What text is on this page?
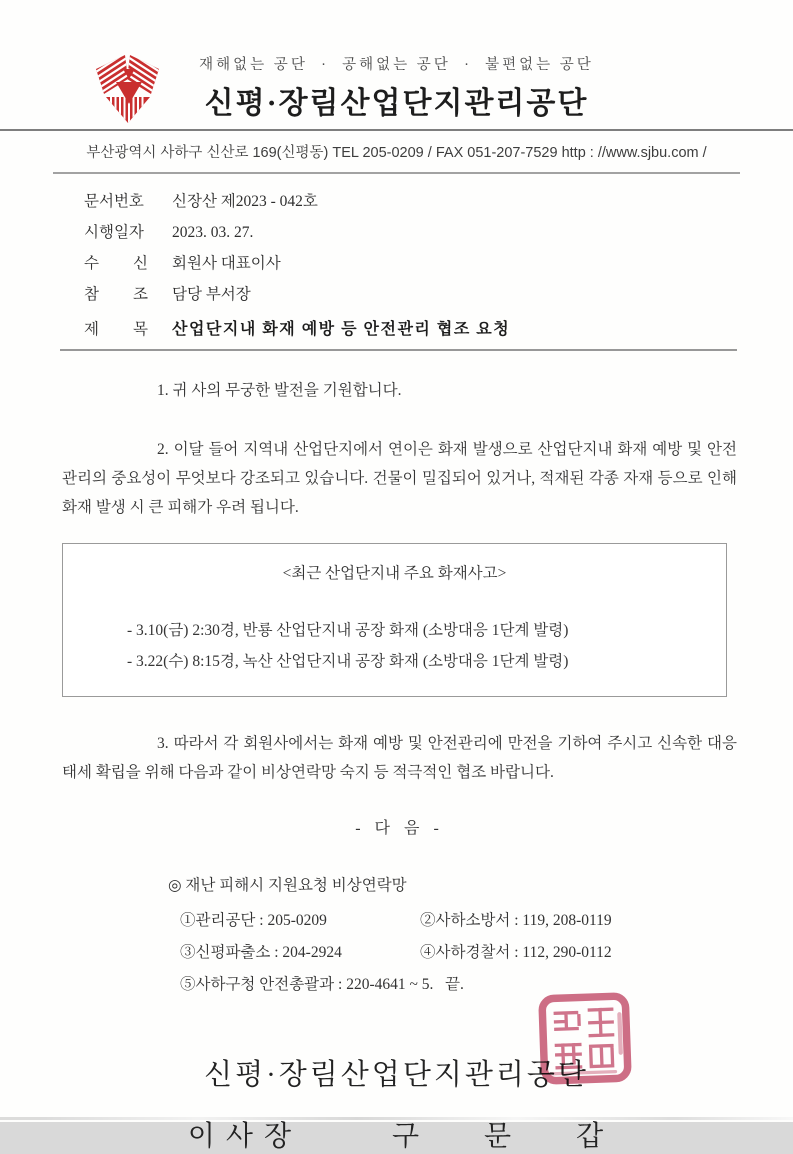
재해없는 공단  ·  공해없는 공단  ·  불편없는 공단
신평·장림산업단지관리공단
부산광역시 사하구 신산로 169(신평동) TEL 205-0209 / FAX 051-207-7529 http : //www.sjbu.com /
문서번호 신장산 제2023 - 042호
시행일자 2023. 03. 27.
수 신 회원사 대표이사
참 조 담당 부서장
제 목 산업단지내 화재 예방 등 안전관리 협조 요청

1. 귀 사의 무궁한 발전을 기원합니다.

2. 이달 들어 지역내 산업단지에서 연이은 화재 발생으로 산업단지내 화재 예방 및 안전관리의 중요성이 무엇보다 강조되고 있습니다. 건물이 밀집되어 있거나, 적재된 각종 자재 등으로 인해 화재 발생 시 큰 피해가 우려 됩니다.

<최근 산업단지내 주요 화재사고>
- 3.10(금) 2:30경, 반룡 산업단지내 공장 화재 (소방대응 1단계 발령)
- 3.22(수) 8:15경, 녹산 산업단지내 공장 화재 (소방대응 1단계 발령)

3. 따라서 각 회원사에서는 화재 예방 및 안전관리에 만전을 기하여 주시고 신속한 대응태세 확립을 위해 다음과 같이 비상연락망 숙지 등 적극적인 협조 바랍니다.

- 다 음 -
◎ 재난 피해시 지원요청 비상연락망
①관리공단 : 205-0209	②사하소방서 : 119, 208-0119
③신평파출소 : 204-2924	④사하경찰서 : 112, 290-0112
⑤사하구청 안전총괄과 : 220-4641 ~ 5.   끝.
신평·장림산업단지관리공단
이 사 장           구       문       갑
